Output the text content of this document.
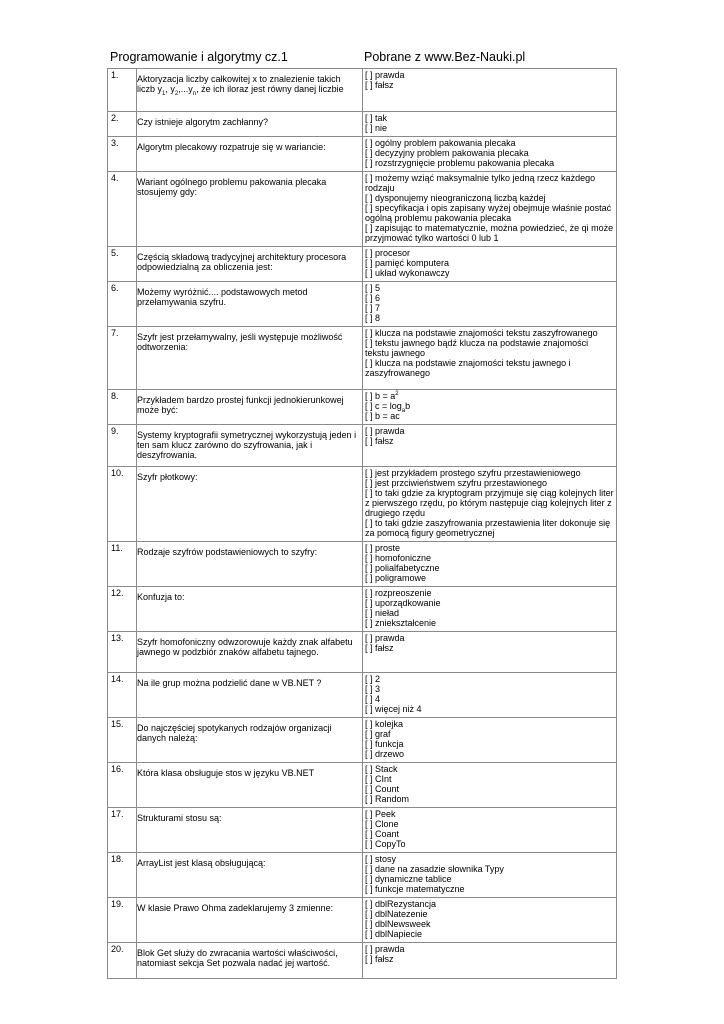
Programowanie i algorytmy cz.1	Pobrane z www.Bez-Nauki.pl
1.	Aktoryzacja liczby całkowitej x to znalezienie takich liczb $y_1$, $y_2,...y_n$, że ich iloraz jest równy danej liczbie	[ ] prawda
[ ] fałsz

2.	Czy istnieje algorytm zachłanny?	[ ] tak
[ ] nie

3.	Algorytm plecakowy rozpatruje się w wariancie:	[ ] ogólny problem pakowania plecaka
[ ] decyzyjny problem pakowania plecaka
[ ] rozstrzygnięcie problemu pakowania plecaka

4.	Wariant ogólnego problemu pakowania plecaka stosujemy gdy:	[ ] możemy wziąć maksymalnie tylko jedną rzecz każdego rodzaju
[ ] dysponujemy nieograniczoną liczbą każdej
[ ] specyfikacja i opis zapisany wyżej obejmuje właśnie postać ogólną problemu pakowania plecaka
[ ] zapisując to matematycznie, można powiedzieć, że qi może przyjmować tylko wartości 0 lub 1

5.	Częścią składową tradycyjnej architektury procesora odpowiedzialną za obliczenia jest:	[ ] procesor
[ ] pamięć komputera
[ ] układ wykonawczy

6.	Możemy wyróżnić.... podstawowych metod przełamywania szyfru.	[ ] 5
[ ] 6
[ ] 7
[ ] 8

7.	Szyfr jest przełamywalny, jeśli występuje możliwość odtworzenia:	[ ] klucza na podstawie znajomości tekstu zaszyfrowanego
[ ] tekstu jawnego bądź klucza na podstawie znajomości tekstu jawnego
[ ] klucza na podstawie znajomości tekstu jawnego i zaszyfrowanego

8.	Przykładem bardzo prostej funkcji jednokierunkowej może być:	[ ] $b = a^2$
[ ] $c = \log_ab$
[ ] b = ac

9.	Systemy kryptografii symetrycznej wykorzystują jeden i ten sam klucz zarówno do szyfrowania, jak i deszyfrowania.	[ ] prawda
[ ] fałsz

10.	Szyfr płotkowy:	[ ] jest przykładem prostego szyfru przestawieniowego
[ ] jest przciwieństwem szyfru przestawionego
[ ] to taki gdzie za kryptogram przyjmuje się ciąg kolejnych liter z pierwszego rzędu, po którym następuje ciąg kolejnych liter z drugiego rzędu
[ ] to taki gdzie zaszyfrowania przestawienia liter dokonuje się za pomocą figury geometrycznej

11.	Rodzaje szyfrów podstawieniowych to szyfry:	[ ] proste
[ ] homofoniczne
[ ] polialfabetyczne
[ ] poligramowe

12.	Konfuzja to:	[ ] rozpreoszenie
[ ] uporządkowanie
[ ] nieład
[ ] zniekształcenie

13.	Szyfr homofoniczny odwzorowuje każdy znak alfabetu jawnego w podzbiór znaków alfabetu tajnego.	[ ] prawda
[ ] fałsz

14.	Na ile grup można podzielić dane w VB.NET ?	[ ] 2
[ ] 3
[ ] 4
[ ] więcej niż 4

15.	Do najczęściej spotykanych rodzajów organizacji danych należą:	[ ] kolejka
[ ] graf
[ ] funkcja
[ ] drzewo

16.	Która klasa obsługuje stos w języku VB.NET	[ ] Stack
[ ] CInt
[ ] Count
[ ] Random

17.	Strukturami stosu są:	[ ] Peek
[ ] Clone
[ ] Coant
[ ] CopyTo

18.	ArrayList jest klasą obsługującą:	[ ] stosy
[ ] dane na zasadzie słownika Typy
[ ] dynamiczne tablice
[ ] funkcje matematyczne

19.	W klasie Prawo Ohma zadeklarujemy 3 zmienne:	[ ] dblRezystancja
[ ] dblNatezenie
[ ] dblNewsweek
[ ] dblNapiecie

20.	Blok Get służy do zwracania wartości właściwości, natomiast sekcja Set pozwala nadać jej wartość.	[ ] prawda
[ ] fałsz
